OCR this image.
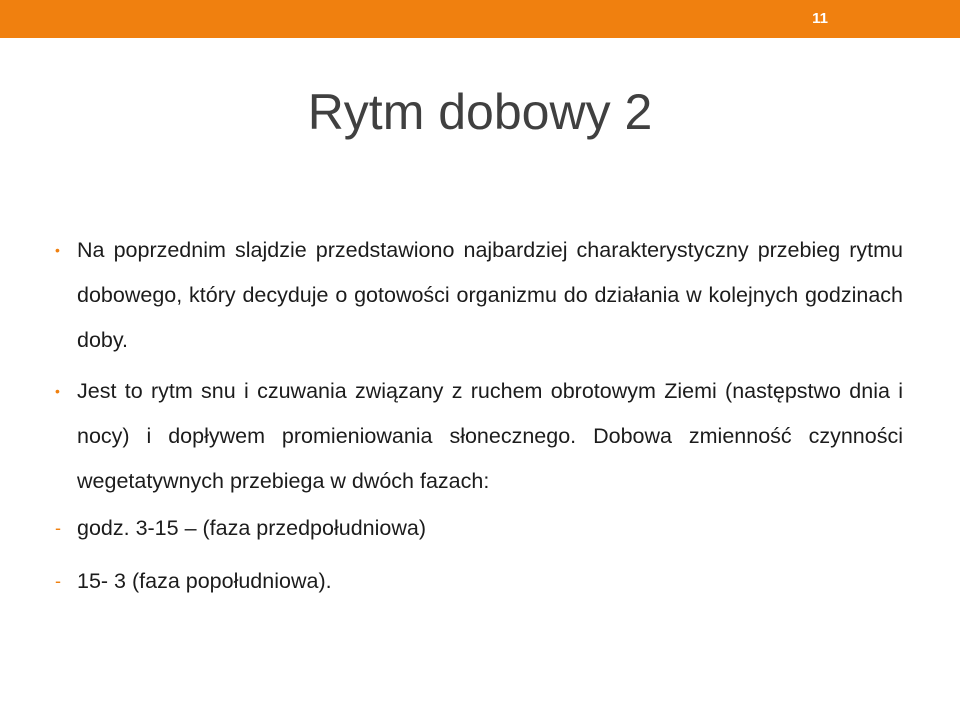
11
Rytm dobowy 2
• Na poprzednim slajdzie przedstawiono najbardziej charakterystyczny przebieg rytmu dobowego, który decyduje o gotowości organizmu do działania w kolejnych godzinach doby.
• Jest to rytm snu i czuwania związany z ruchem obrotowym Ziemi (następstwo dnia i nocy) i dopływem promieniowania słonecznego. Dobowa zmienność czynności wegetatywnych przebiega w dwóch fazach:
- godz. 3-15 – (faza przedpołudniowa)
- 15- 3 (faza popołudniowa).
